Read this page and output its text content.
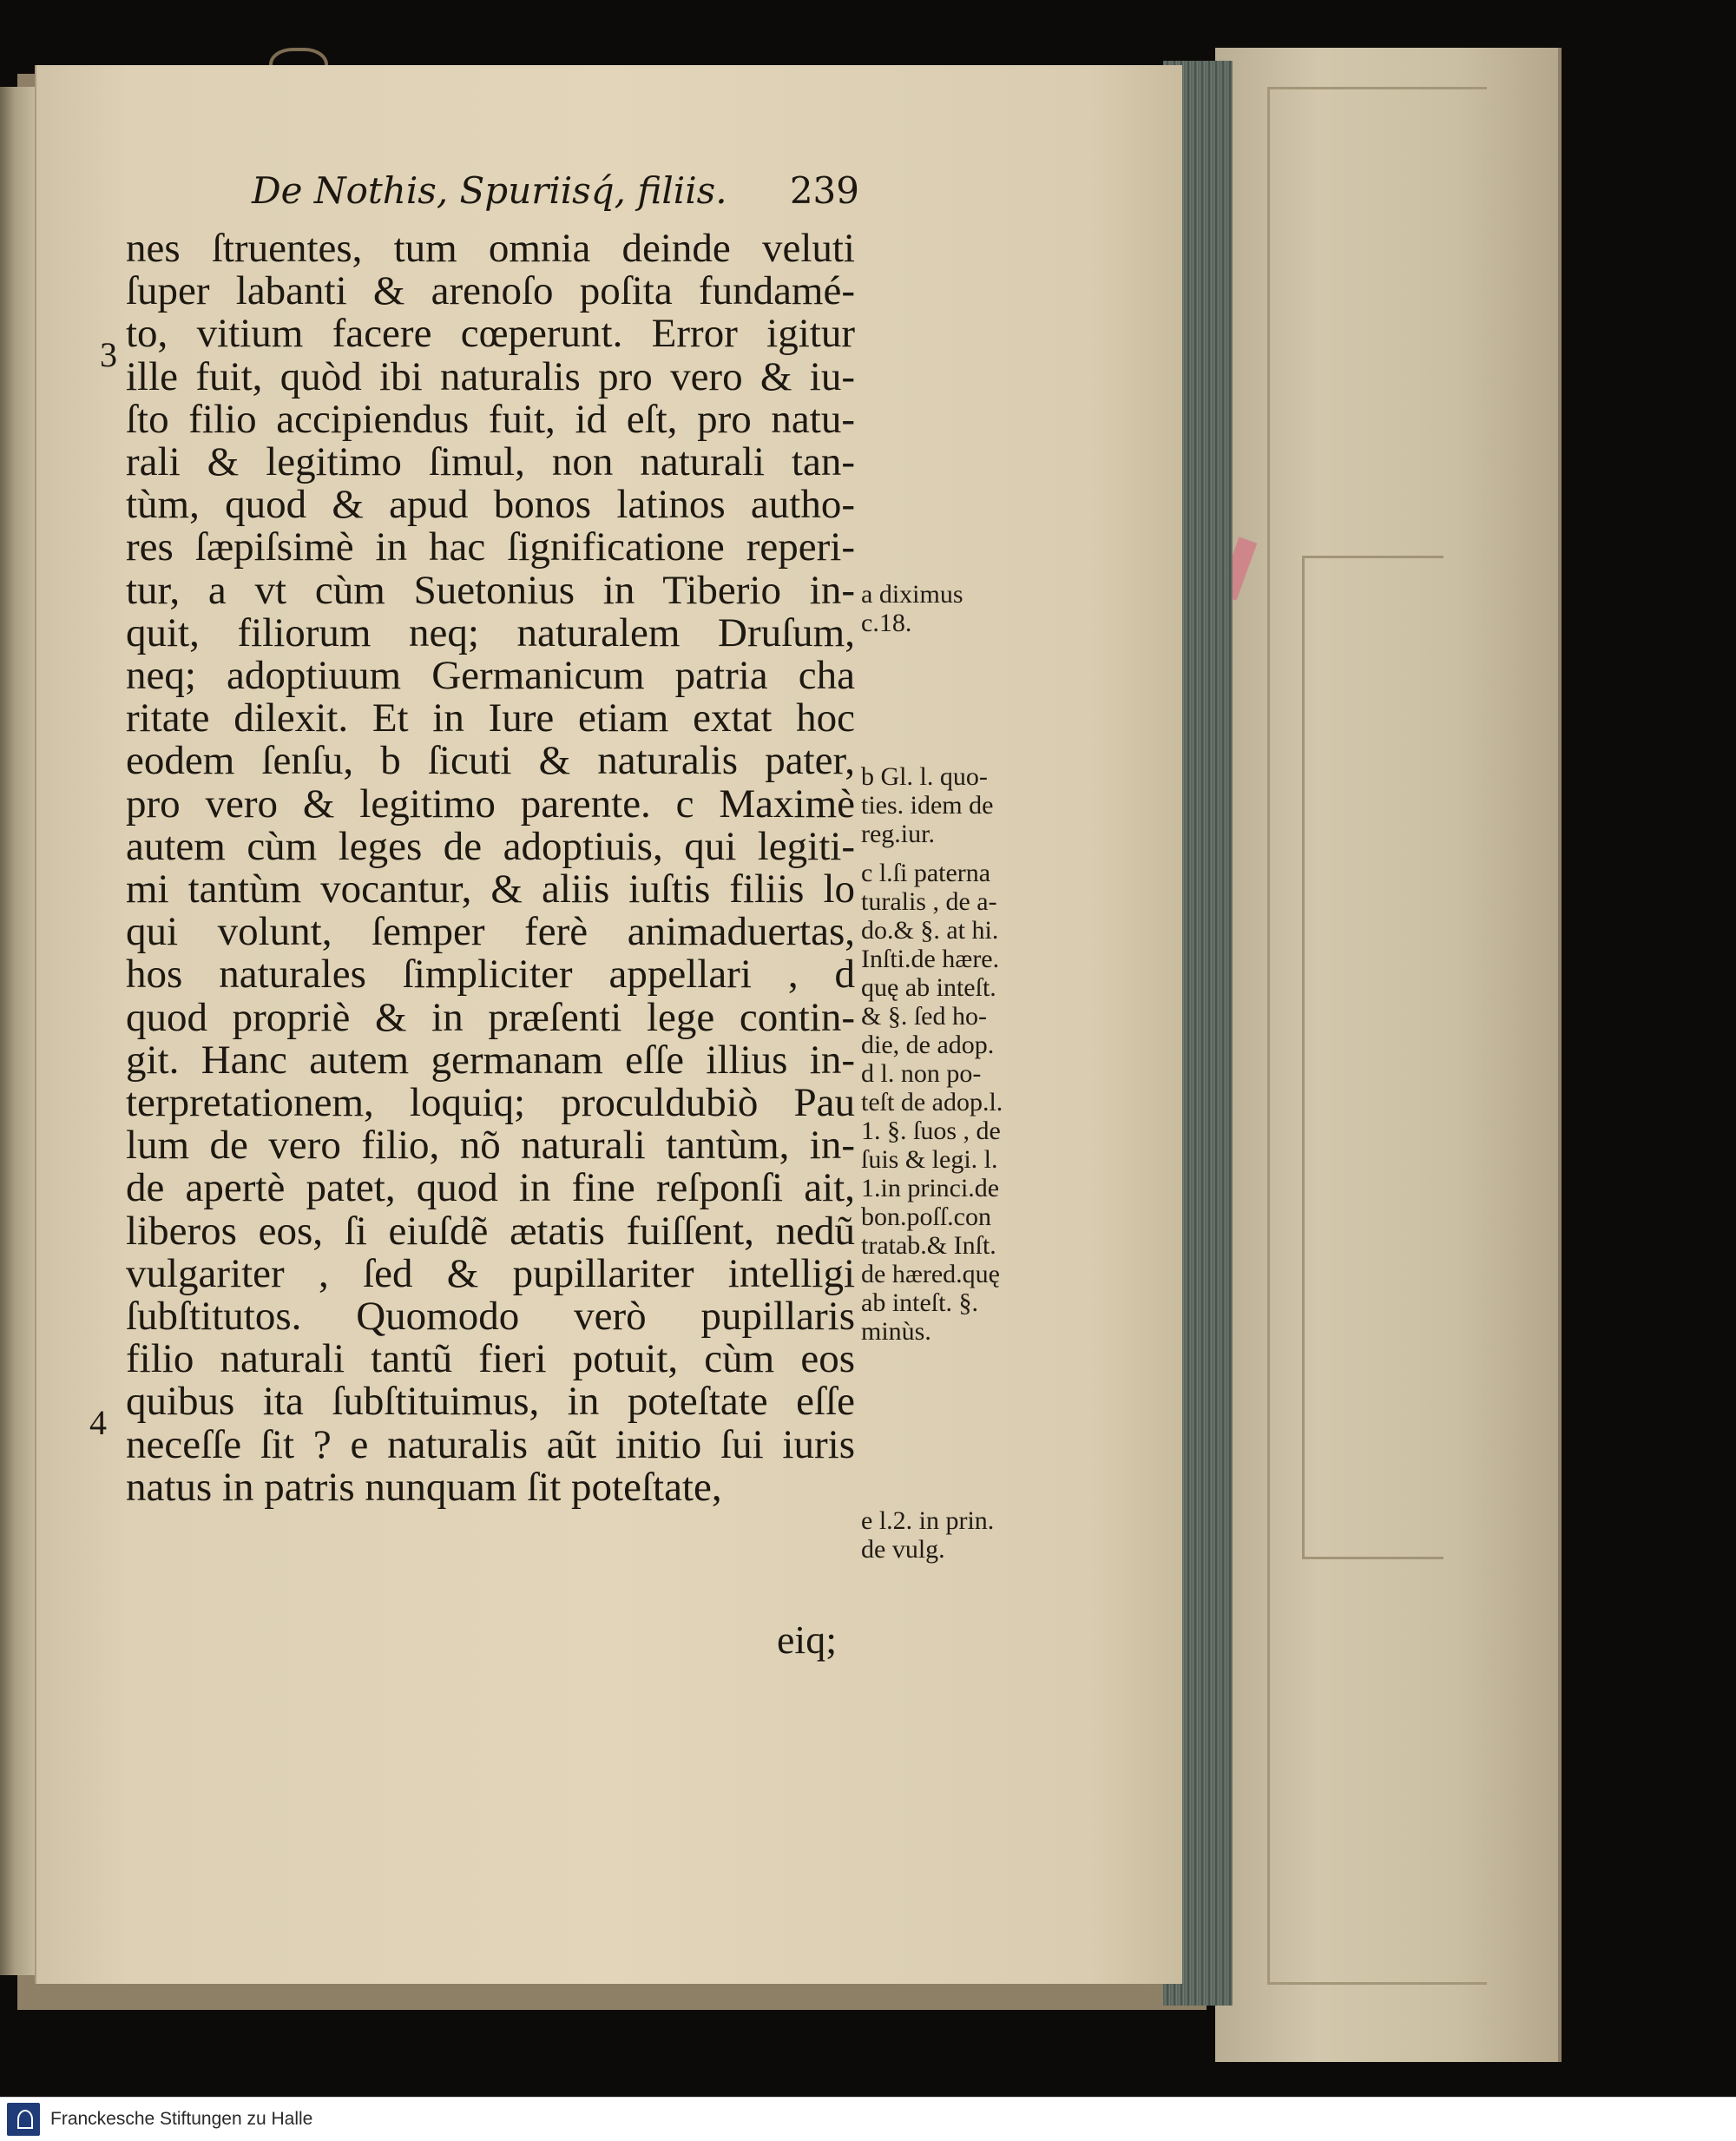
De Nothis, Spuriisq́, filiis. 239
3
4
nes ſtruentes, tum omnia deinde veluti
ſuper labanti & arenoſo poſita fundamé-
to, vitium facere cœperunt. Error igitur
ille fuit, quòd ibi naturalis pro vero & iu-
ſto filio accipiendus fuit, id eſt, pro natu-
rali & legitimo ſimul, non naturali tan-
tùm, quod & apud bonos latinos autho-
res ſæpiſsimè in hac ſignificatione reperi-
tur, a vt cùm Suetonius in Tiberio in-
quit, filiorum neq; naturalem Druſum,
neq; adoptiuum Germanicum patria cha
ritate dilexit. Et in Iure etiam extat hoc
eodem ſenſu, b ſicuti & naturalis pater,
pro vero & legitimo parente. c Maximè
autem cùm leges de adoptiuis, qui legiti-
mi tantùm vocantur, & aliis iuſtis filiis lo
qui volunt, ſemper ferè animaduertas,
hos naturales ſimpliciter appellari , d
quod propriè & in præſenti lege contin-
git. Hanc autem germanam eſſe illius in-
terpretationem, loquiq; proculdubiò Pau
lum de vero filio, nõ naturali tantùm, in-
de apertè patet, quod in fine reſponſi ait,
liberos eos, ſi eiuſdẽ ætatis fuiſſent, nedũ
vulgariter , ſed & pupillariter intelligi
ſubſtitutos. Quomodo verò pupillaris
filio naturali tantũ fieri potuit, cùm eos
quibus ita ſubſtituimus, in poteſtate eſſe
neceſſe ſit ? e naturalis aũt initio ſui iuris
natus in patris nunquam ſit poteſtate,
eiq;
a diximus
c.18.
b Gl. l. quo-
ties. idem de
reg.iur.
c l.ſi paterna
turalis , de a-
do.& §. at hi.
Inſti.de hære.
quę ab inteſt.
& §. ſed ho-
die, de adop.
d l. non po-
teſt de adop.l.
1. §. ſuos , de
ſuis & legi. l.
1.in princi.de
bon.poſſ.con
tratab.& Inſt.
de hæred.quę
ab inteſt. §.
minùs.
e l.2. in prin.
de vulg.
Franckesche Stiftungen zu Halle
